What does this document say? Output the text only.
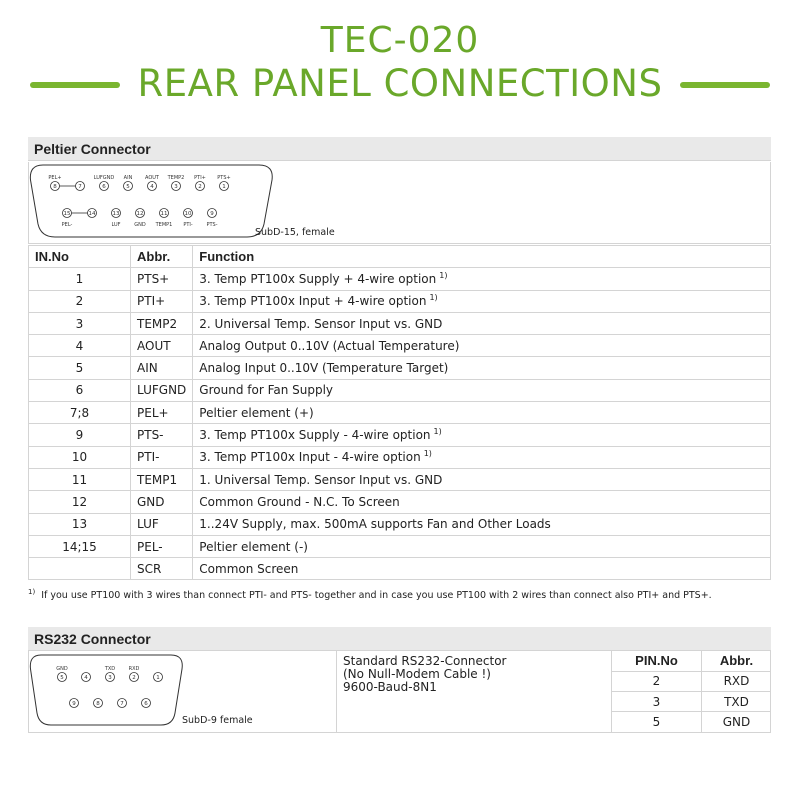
TEC-020
REAR PANEL CONNECTIONS
Peltier Connector
SubD-15, female
8
PEL+
7	6
LUFGND
5
AIN
4
AOUT
3
TEMP2
2
PTI+
1
PTS+
15
PEL-
14	13
LUF
12
GND
11
TEMP1
10
PTI-
9
PTS-
IN.No	Abbr.	Function
1	PTS+	3. Temp PT100x Supply + 4-wire option $^{1)}$
2	PTI+	3. Temp PT100x Input + 4-wire option $^{1)}$
3	TEMP2	2. Universal Temp. Sensor Input vs. GND
4	AOUT	Analog Output 0..10V (Actual Temperature)
5	AIN	Analog Input 0..10V (Temperature Target)
6	LUFGND	Ground for Fan Supply
7;8	PEL+	Peltier element (+)
9	PTS-	3. Temp PT100x Supply - 4-wire option $^{1)}$
10	PTI-	3. Temp PT100x Input - 4-wire option $^{1)}$
11	TEMP1	1. Universal Temp. Sensor Input vs. GND
12	GND	Common Ground - N.C. To Screen
13	LUF	1..24V Supply, max. 500mA supports Fan and Other Loads
14;15	PEL-	Peltier element (-)
	SCR	Common Screen
$^{1)}$ If you use PT100 with 3 wires than connect PTI- and PTS- together and in case you use PT100 with 2 wires than connect also PTI+ and PTS+.
RS232 Connector
SubD-9 female
5
GND
4	3
TXD
2
RXD
1
9	8	7	6
Standard RS232-Connector
(No Null-Modem Cable !)
9600-Baud-8N1
PIN.No	Abbr.
2	RXD
3	TXD
5	GND
